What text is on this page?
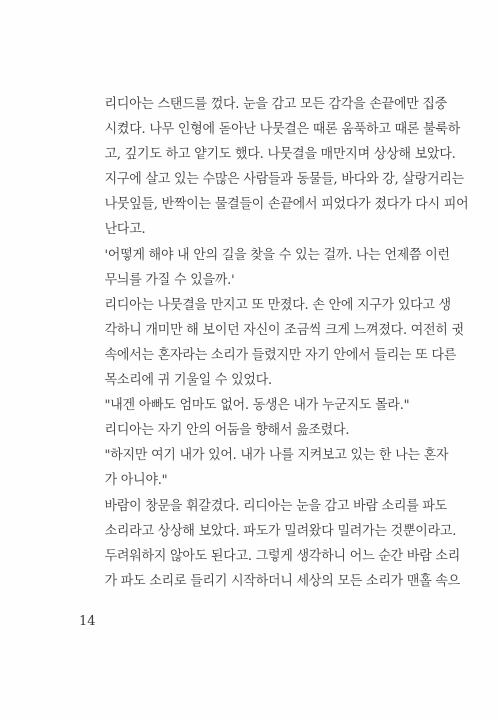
리디아는 스탠드를 껐다. 눈을 감고 모든 감각을 손끝에만 집중
시켰다. 나무 인형에 돋아난 나뭇결은 때론 움푹하고 때론 불룩하
고, 깊기도 하고 얕기도 했다. 나뭇결을 매만지며 상상해 보았다.
지구에 살고 있는 수많은 사람들과 동물들, 바다와 강, 살랑거리는
나뭇잎들, 반짝이는 물결들이 손끝에서 피었다가 졌다가 다시 피어
난다고.

'어떻게 해야 내 안의 길을 찾을 수 있는 걸까. 나는 언제쯤 이런
무늬를 가질 수 있을까.'

리디아는 나뭇결을 만지고 또 만졌다. 손 안에 지구가 있다고 생
각하니 개미만 해 보이던 자신이 조금씩 크게 느껴졌다. 여전히 귓
속에서는 혼자라는 소리가 들렸지만 자기 안에서 들리는 또 다른
목소리에 귀 기울일 수 있었다.

"내겐 아빠도 엄마도 없어. 동생은 내가 누군지도 몰라."

리디아는 자기 안의 어둠을 향해서 읊조렸다.

"하지만 여기 내가 있어. 내가 나를 지켜보고 있는 한 나는 혼자
가 아니야."

바람이 창문을 휘갈겼다. 리디아는 눈을 감고 바람 소리를 파도
소리라고 상상해 보았다. 파도가 밀려왔다 밀려가는 것뿐이라고.
두려워하지 않아도 된다고. 그렇게 생각하니 어느 순간 바람 소리
가 파도 소리로 들리기 시작하더니 세상의 모든 소리가 맨홀 속으

14
